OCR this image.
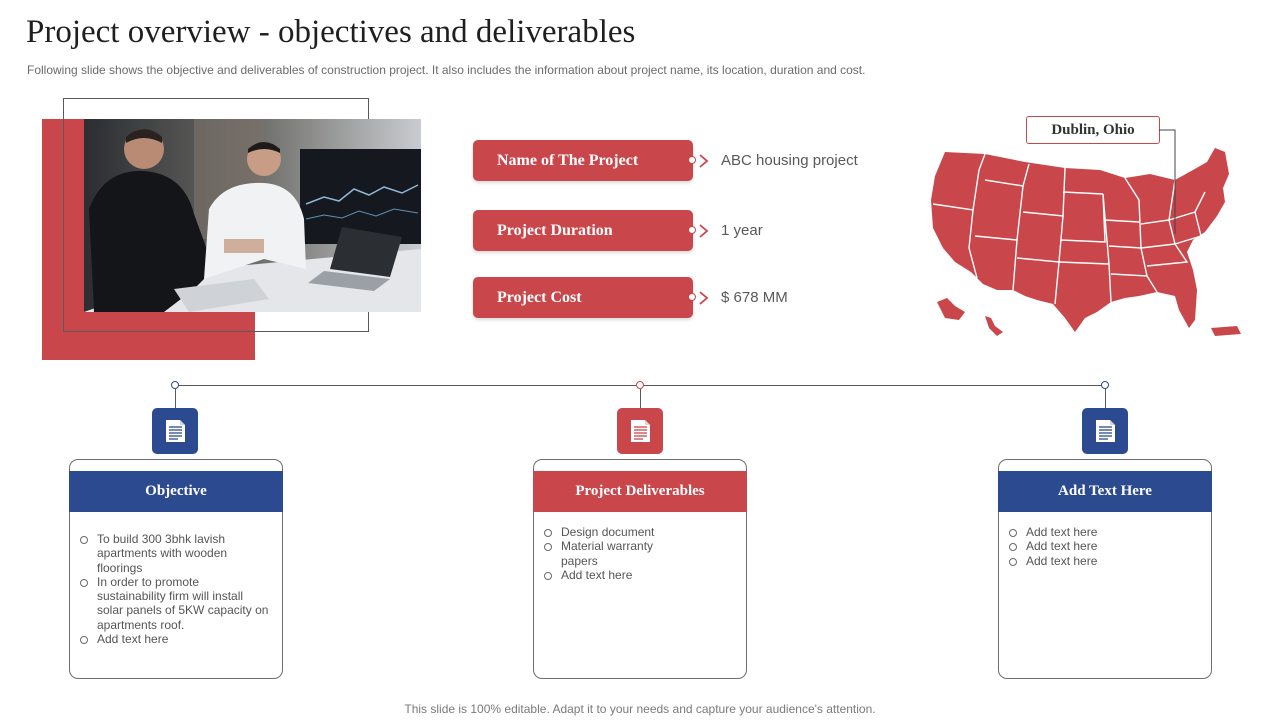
Project overview - objectives and deliverables
Following slide shows the objective and deliverables of construction project. It also includes the information about project name, its location, duration and cost.
Name of The Project	ABC housing project
Project Duration	1 year
Project Cost	$ 678 MM
Dublin, Ohio
Objective
To build 300 3bhk lavish apartments with wooden floorings
In order to promote sustainability firm will install solar panels of 5KW capacity on apartments roof.
Add text here
Project Deliverables
Design document
Material warranty papers
Add text here
Add Text Here
Add text here
Add text here
Add text here
This slide is 100% editable. Adapt it to your needs and capture your audience's attention.
